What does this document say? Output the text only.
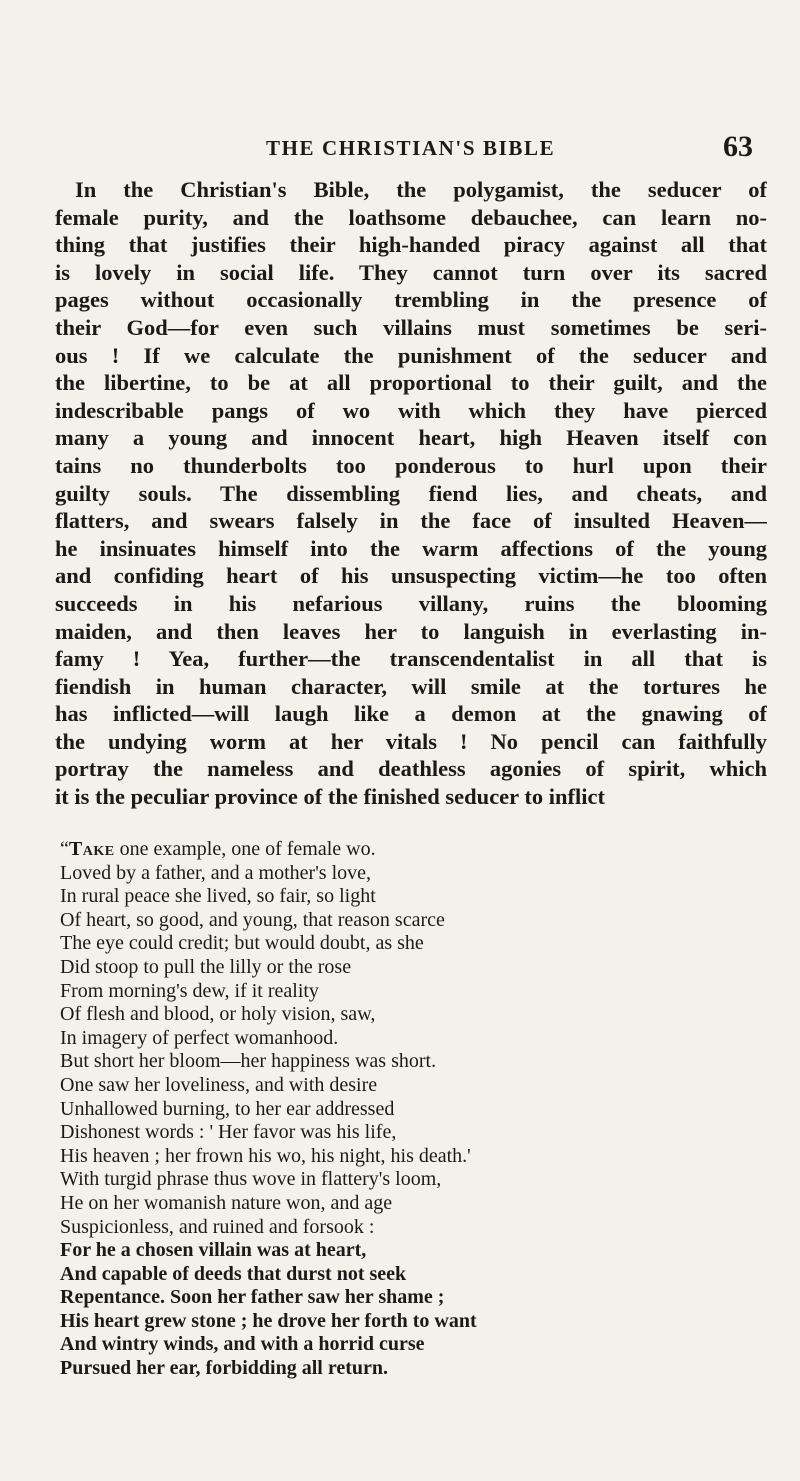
THE CHRISTIAN'S BIBLE	63
In the Christian's Bible, the polygamist, the seducer of
female purity, and the loathsome debauchee, can learn no-
thing that justifies their high-handed piracy against all that
is lovely in social life. They cannot turn over its sacred
pages without occasionally trembling in the presence of
their God—for even such villains must sometimes be seri-
ous ! If we calculate the punishment of the seducer and
the libertine, to be at all proportional to their guilt, and the
indescribable pangs of wo with which they have pierced
many a young and innocent heart, high Heaven itself con
tains no thunderbolts too ponderous to hurl upon their
guilty souls. The dissembling fiend lies, and cheats, and
flatters, and swears falsely in the face of insulted Heaven—
he insinuates himself into the warm affections of the young
and confiding heart of his unsuspecting victim—he too often
succeeds in his nefarious villany, ruins the blooming
maiden, and then leaves her to languish in everlasting in-
famy ! Yea, further—the transcendentalist in all that is
fiendish in human character, will smile at the tortures he
has inflicted—will laugh like a demon at the gnawing of
the undying worm at her vitals ! No pencil can faithfully
portray the nameless and deathless agonies of spirit, which
it is the peculiar province of the finished seducer to inflict
“Take one example, one of female wo.
Loved by a father, and a mother's love,
In rural peace she lived, so fair, so light
Of heart, so good, and young, that reason scarce
The eye could credit; but would doubt, as she
Did stoop to pull the lilly or the rose
From morning's dew, if it reality
Of flesh and blood, or holy vision, saw,
In imagery of perfect womanhood.
But short her bloom—her happiness was short.
One saw her loveliness, and with desire
Unhallowed burning, to her ear addressed
Dishonest words : ' Her favor was his life,
His heaven ; her frown his wo, his night, his death.'
With turgid phrase thus wove in flattery's loom,
He on her womanish nature won, and age
Suspicionless, and ruined and forsook :
For he a chosen villain was at heart,
And capable of deeds that durst not seek
Repentance. Soon her father saw her shame ;
His heart grew stone ; he drove her forth to want
And wintry winds, and with a horrid curse
Pursued her ear, forbidding all return.
